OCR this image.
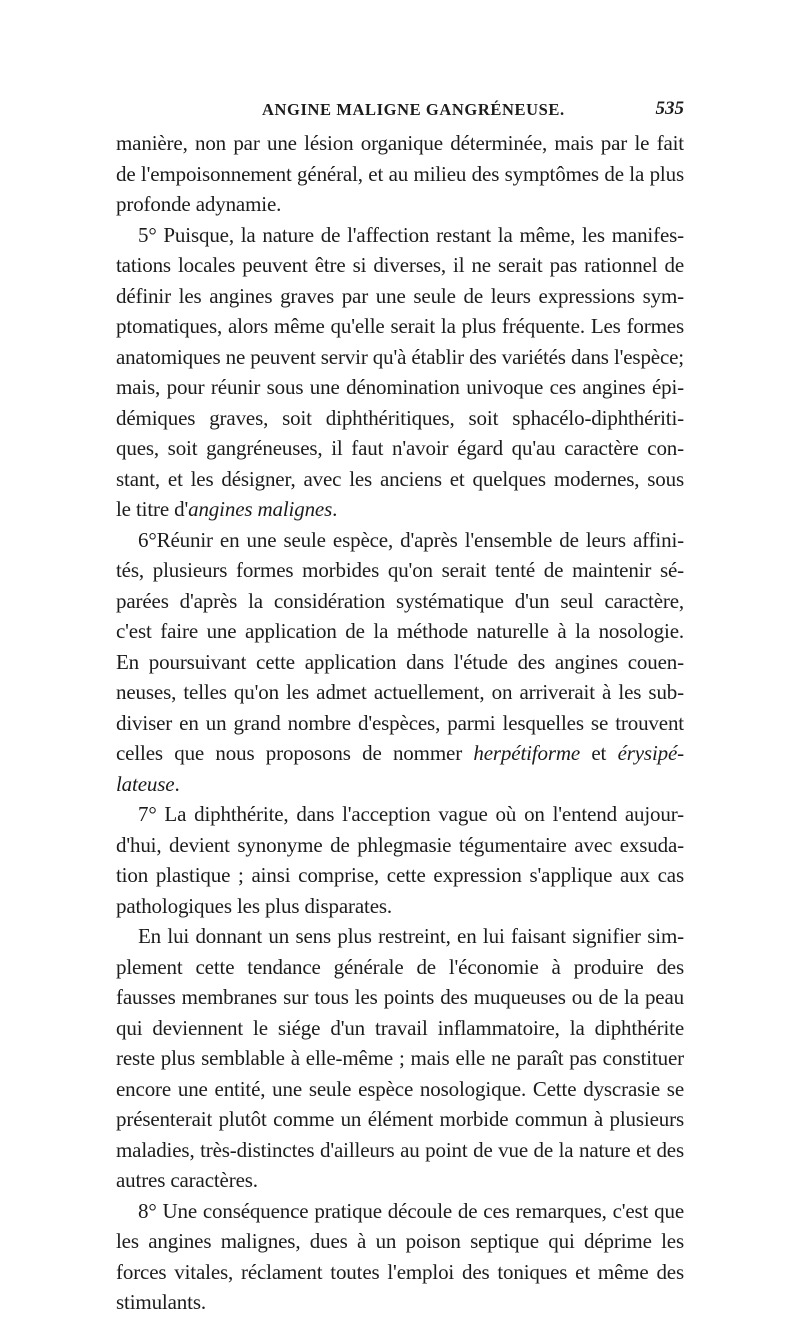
ANGINE MALIGNE GANGRÉNEUSE.	535
manière, non par une lésion organique déterminée, mais par le fait
de l'empoisonnement général, et au milieu des symptômes de la plus
profonde adynamie.
5° Puisque, la nature de l'affection restant la même, les manifes-
tations locales peuvent être si diverses, il ne serait pas rationnel de
définir les angines graves par une seule de leurs expressions sym-
ptomatiques, alors même qu'elle serait la plus fréquente. Les formes
anatomiques ne peuvent servir qu'à établir des variétés dans l'espèce;
mais, pour réunir sous une dénomination univoque ces angines épi-
démiques graves, soit diphthéritiques, soit sphacélo-diphthériti-
ques, soit gangréneuses, il faut n'avoir égard qu'au caractère con-
stant, et les désigner, avec les anciens et quelques modernes, sous
le titre d'angines malignes.
6°Réunir en une seule espèce, d'après l'ensemble de leurs affini-
tés, plusieurs formes morbides qu'on serait tenté de maintenir sé-
parées d'après la considération systématique d'un seul caractère,
c'est faire une application de la méthode naturelle à la nosologie.
En poursuivant cette application dans l'étude des angines couen-
neuses, telles qu'on les admet actuellement, on arriverait à les sub-
diviser en un grand nombre d'espèces, parmi lesquelles se trouvent
celles que nous proposons de nommer herpétiforme et érysipé-
lateuse.
7° La diphthérite, dans l'acception vague où on l'entend aujour-
d'hui, devient synonyme de phlegmasie tégumentaire avec exsuda-
tion plastique ; ainsi comprise, cette expression s'applique aux cas
pathologiques les plus disparates.
En lui donnant un sens plus restreint, en lui faisant signifier sim-
plement cette tendance générale de l'économie à produire des
fausses membranes sur tous les points des muqueuses ou de la peau
qui deviennent le siége d'un travail inflammatoire, la diphthérite
reste plus semblable à elle-même ; mais elle ne paraît pas constituer
encore une entité, une seule espèce nosologique. Cette dyscrasie se
présenterait plutôt comme un élément morbide commun à plusieurs
maladies, très-distinctes d'ailleurs au point de vue de la nature et des
autres caractères.
8° Une conséquence pratique découle de ces remarques, c'est que
les angines malignes, dues à un poison septique qui déprime les
forces vitales, réclament toutes l'emploi des toniques et même des
stimulants.
